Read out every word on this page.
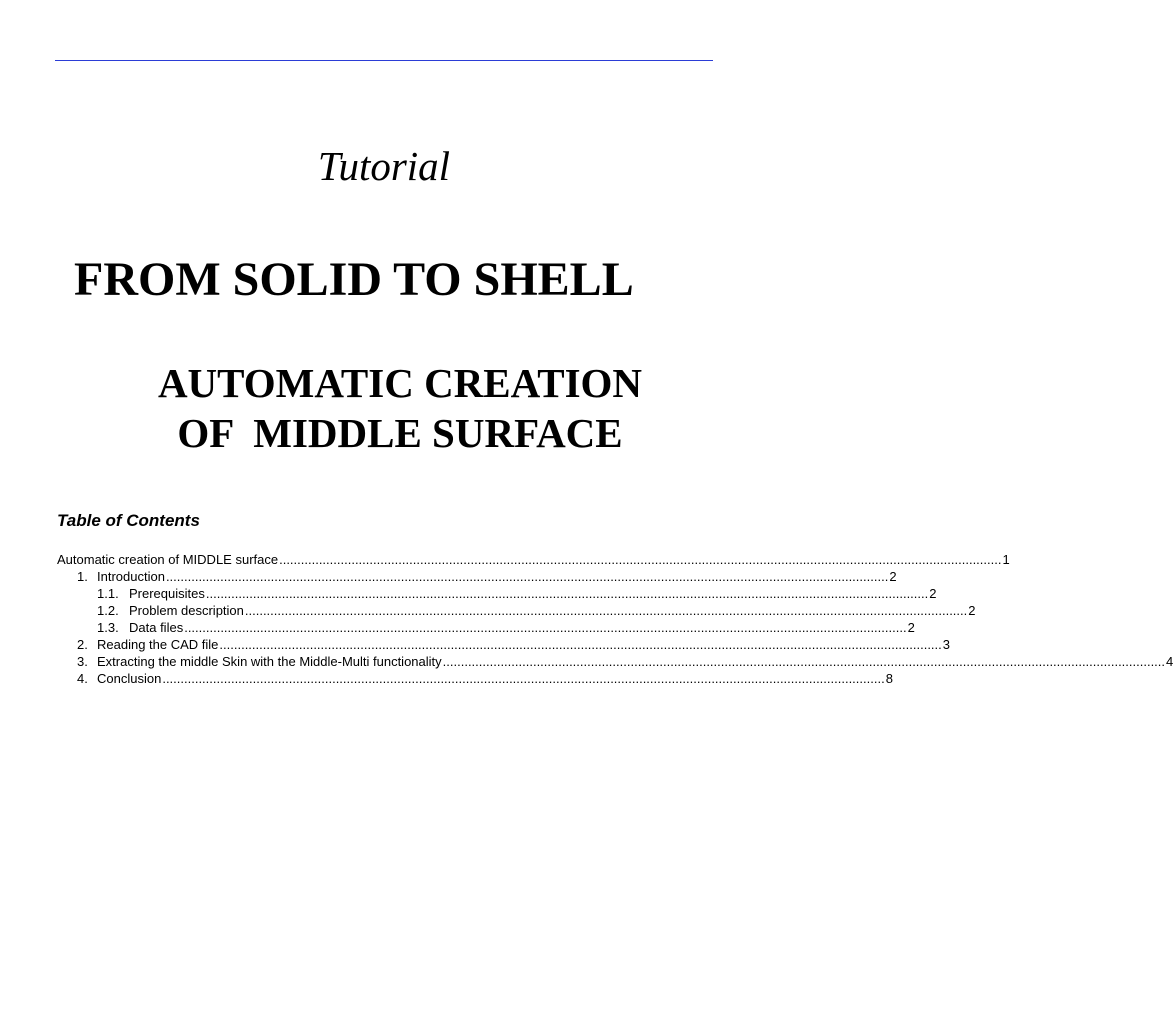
Tutorial
FROM SOLID TO SHELL
AUTOMATIC CREATION
OF  MIDDLE SURFACE
Table of Contents
Automatic creation of MIDDLE surface ........................................................................................................................................................................................................ 1
1. Introduction ........................................................................................................................................................................................................ 2
1.1. Prerequisites ........................................................................................................................................................................................................ 2
1.2. Problem description ........................................................................................................................................................................................................ 2
1.3. Data files ........................................................................................................................................................................................................ 2
2. Reading the CAD file ........................................................................................................................................................................................................ 3
3. Extracting the middle Skin with the Middle-Multi functionality ........................................................................................................................................................................................................ 4
4. Conclusion ........................................................................................................................................................................................................ 8
